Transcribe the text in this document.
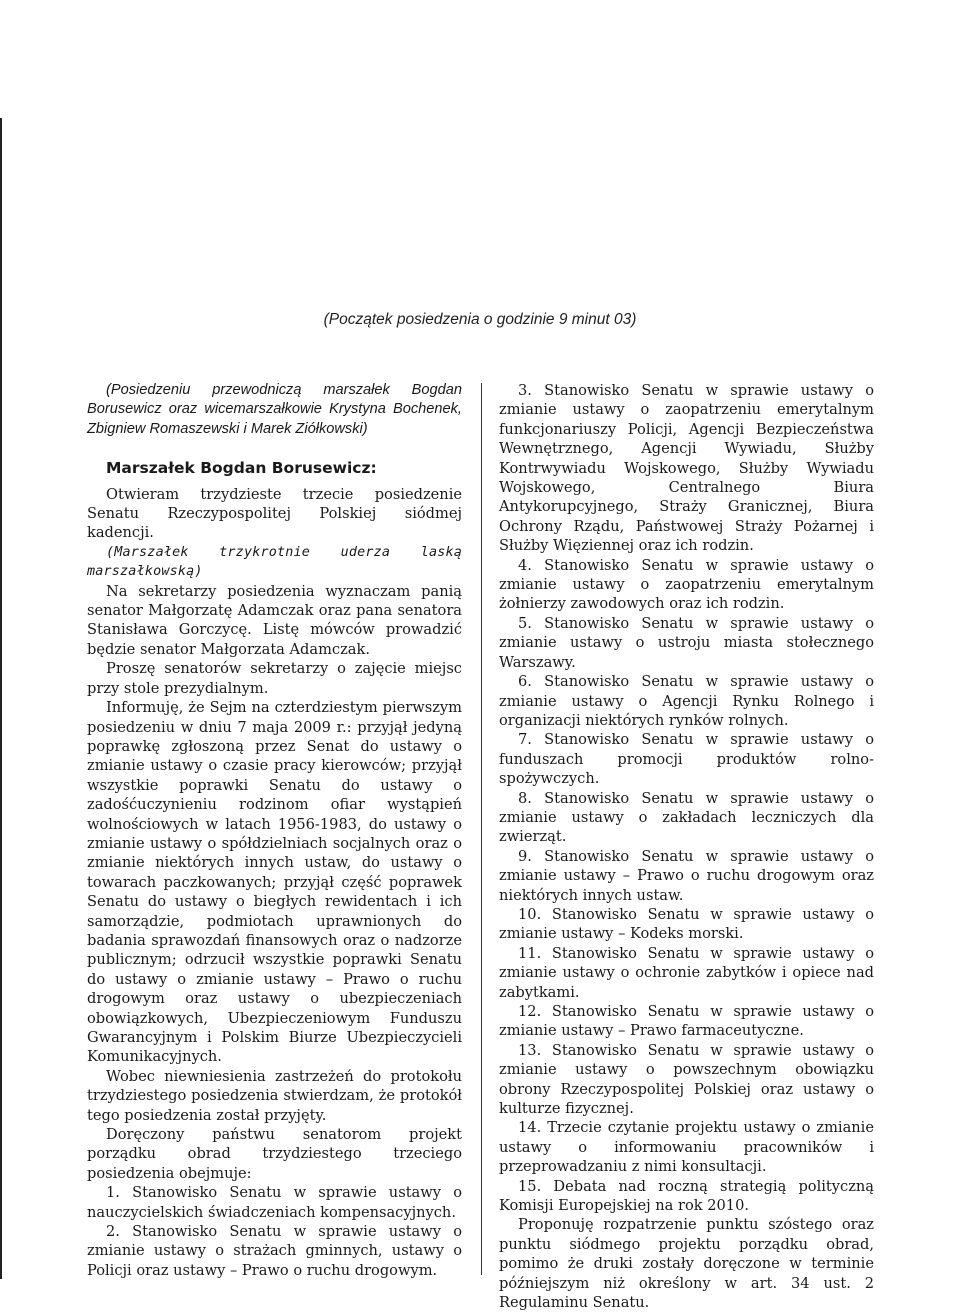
(Początek posiedzenia o godzinie 9 minut 03)

(Posiedzeniu przewodniczą marszałek Bogdan Borusewicz oraz wicemarszałkowie Krystyna Bochenek, Zbigniew Romaszewski i Marek Ziółkowski)

Marszałek Bogdan Borusewicz:

Otwieram trzydzieste trzecie posiedzenie Senatu Rzeczypospolitej Polskiej siódmej kadencji.

(Marszałek trzykrotnie uderza laską marszałkowską)

Na sekretarzy posiedzenia wyznaczam panią senator Małgorzatę Adamczak oraz pana senatora Stanisława Gorczycę. Listę mówców prowadzić będzie senator Małgorzata Adamczak.

Proszę senatorów sekretarzy o zajęcie miejsc przy stole prezydialnym.

Informuję, że Sejm na czterdziestym pierwszym posiedzeniu w dniu 7 maja 2009 r.: przyjął jedyną poprawkę zgłoszoną przez Senat do ustawy o zmianie ustawy o czasie pracy kierowców; przyjął wszystkie poprawki Senatu do ustawy o zadośćuczynieniu rodzinom ofiar wystąpień wolnościowych w latach 1956-1983, do ustawy o zmianie ustawy o spółdzielniach socjalnych oraz o zmianie niektórych innych ustaw, do ustawy o towarach paczkowanych; przyjął część poprawek Senatu do ustawy o biegłych rewidentach i ich samorządzie, podmiotach uprawnionych do badania sprawozdań finansowych oraz o nadzorze publicznym; odrzucił wszystkie poprawki Senatu do ustawy o zmianie ustawy – Prawo o ruchu drogowym oraz ustawy o ubezpieczeniach obowiązkowych, Ubezpieczeniowym Funduszu Gwarancyjnym i Polskim Biurze Ubezpieczycieli Komunikacyjnych.

Wobec niewniesienia zastrzeżeń do protokołu trzydziestego posiedzenia stwierdzam, że protokół tego posiedzenia został przyjęty.

Doręczony państwu senatorom projekt porządku obrad trzydziestego trzeciego posiedzenia obejmuje:

1. Stanowisko Senatu w sprawie ustawy o nauczycielskich świadczeniach kompensacyjnych.

2. Stanowisko Senatu w sprawie ustawy o zmianie ustawy o strażach gminnych, ustawy o Policji oraz ustawy – Prawo o ruchu drogowym.

3. Stanowisko Senatu w sprawie ustawy o zmianie ustawy o zaopatrzeniu emerytalnym funkcjonariuszy Policji, Agencji Bezpieczeństwa Wewnętrznego, Agencji Wywiadu, Służby Kontrwywiadu Wojskowego, Służby Wywiadu Wojskowego, Centralnego Biura Antykorupcyjnego, Straży Granicznej, Biura Ochrony Rządu, Państwowej Straży Pożarnej i Służby Więziennej oraz ich rodzin.

4. Stanowisko Senatu w sprawie ustawy o zmianie ustawy o zaopatrzeniu emerytalnym żołnierzy zawodowych oraz ich rodzin.

5. Stanowisko Senatu w sprawie ustawy o zmianie ustawy o ustroju miasta stołecznego Warszawy.

6. Stanowisko Senatu w sprawie ustawy o zmianie ustawy o Agencji Rynku Rolnego i organizacji niektórych rynków rolnych.

7. Stanowisko Senatu w sprawie ustawy o funduszach promocji produktów rolno-spożywczych.

8. Stanowisko Senatu w sprawie ustawy o zmianie ustawy o zakładach leczniczych dla zwierząt.

9. Stanowisko Senatu w sprawie ustawy o zmianie ustawy – Prawo o ruchu drogowym oraz niektórych innych ustaw.

10. Stanowisko Senatu w sprawie ustawy o zmianie ustawy – Kodeks morski.

11. Stanowisko Senatu w sprawie ustawy o zmianie ustawy o ochronie zabytków i opiece nad zabytkami.

12. Stanowisko Senatu w sprawie ustawy o zmianie ustawy – Prawo farmaceutyczne.

13. Stanowisko Senatu w sprawie ustawy o zmianie ustawy o powszechnym obowiązku obrony Rzeczypospolitej Polskiej oraz ustawy o kulturze fizycznej.

14. Trzecie czytanie projektu ustawy o zmianie ustawy o informowaniu pracowników i przeprowadzaniu z nimi konsultacji.

15. Debata nad roczną strategią polityczną Komisji Europejskiej na rok 2010.

Proponuję rozpatrzenie punktu szóstego oraz punktu siódmego projektu porządku obrad, pomimo że druki zostały doręczone w terminie późniejszym niż określony w art. 34 ust. 2 Regulaminu Senatu.
